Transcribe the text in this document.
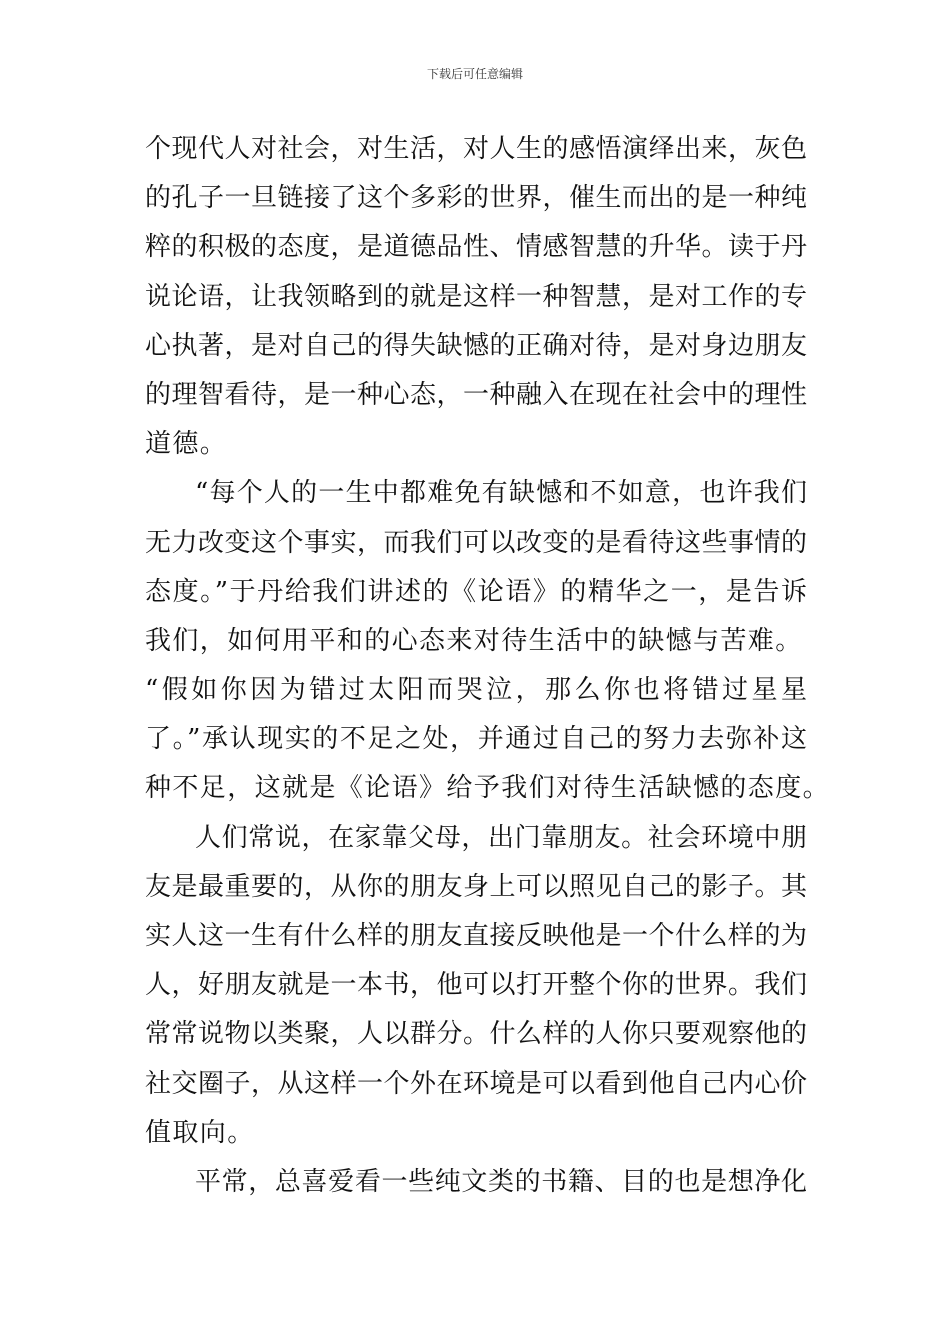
下载后可任意编辑
个现代人对社会，对生活，对人生的感悟演绎出来，灰色
的孔子一旦链接了这个多彩的世界，催生而出的是一种纯
粹的积极的态度，是道德品性、情感智慧的升华。读于丹
说论语，让我领略到的就是这样一种智慧，是对工作的专
心执著，是对自己的得失缺憾的正确对待，是对身边朋友
的理智看待，是一种心态，一种融入在现在社会中的理性
道德。
“每个人的一生中都难免有缺憾和不如意，也许我们
无力改变这个事实，而我们可以改变的是看待这些事情的
态度。”于丹给我们讲述的《论语》的精华之一，是告诉
我们，如何用平和的心态来对待生活中的缺憾与苦难。
“假如你因为错过太阳而哭泣，那么你也将错过星星
了。”承认现实的不足之处，并通过自己的努力去弥补这
种不足，这就是《论语》给予我们对待生活缺憾的态度。
人们常说，在家靠父母，出门靠朋友。社会环境中朋
友是最重要的，从你的朋友身上可以照见自己的影子。其
实人这一生有什么样的朋友直接反映他是一个什么样的为
人，好朋友就是一本书，他可以打开整个你的世界。我们
常常说物以类聚，人以群分。什么样的人你只要观察他的
社交圈子，从这样一个外在环境是可以看到他自己内心价
值取向。
平常，总喜爱看一些纯文类的书籍、目的也是想净化
